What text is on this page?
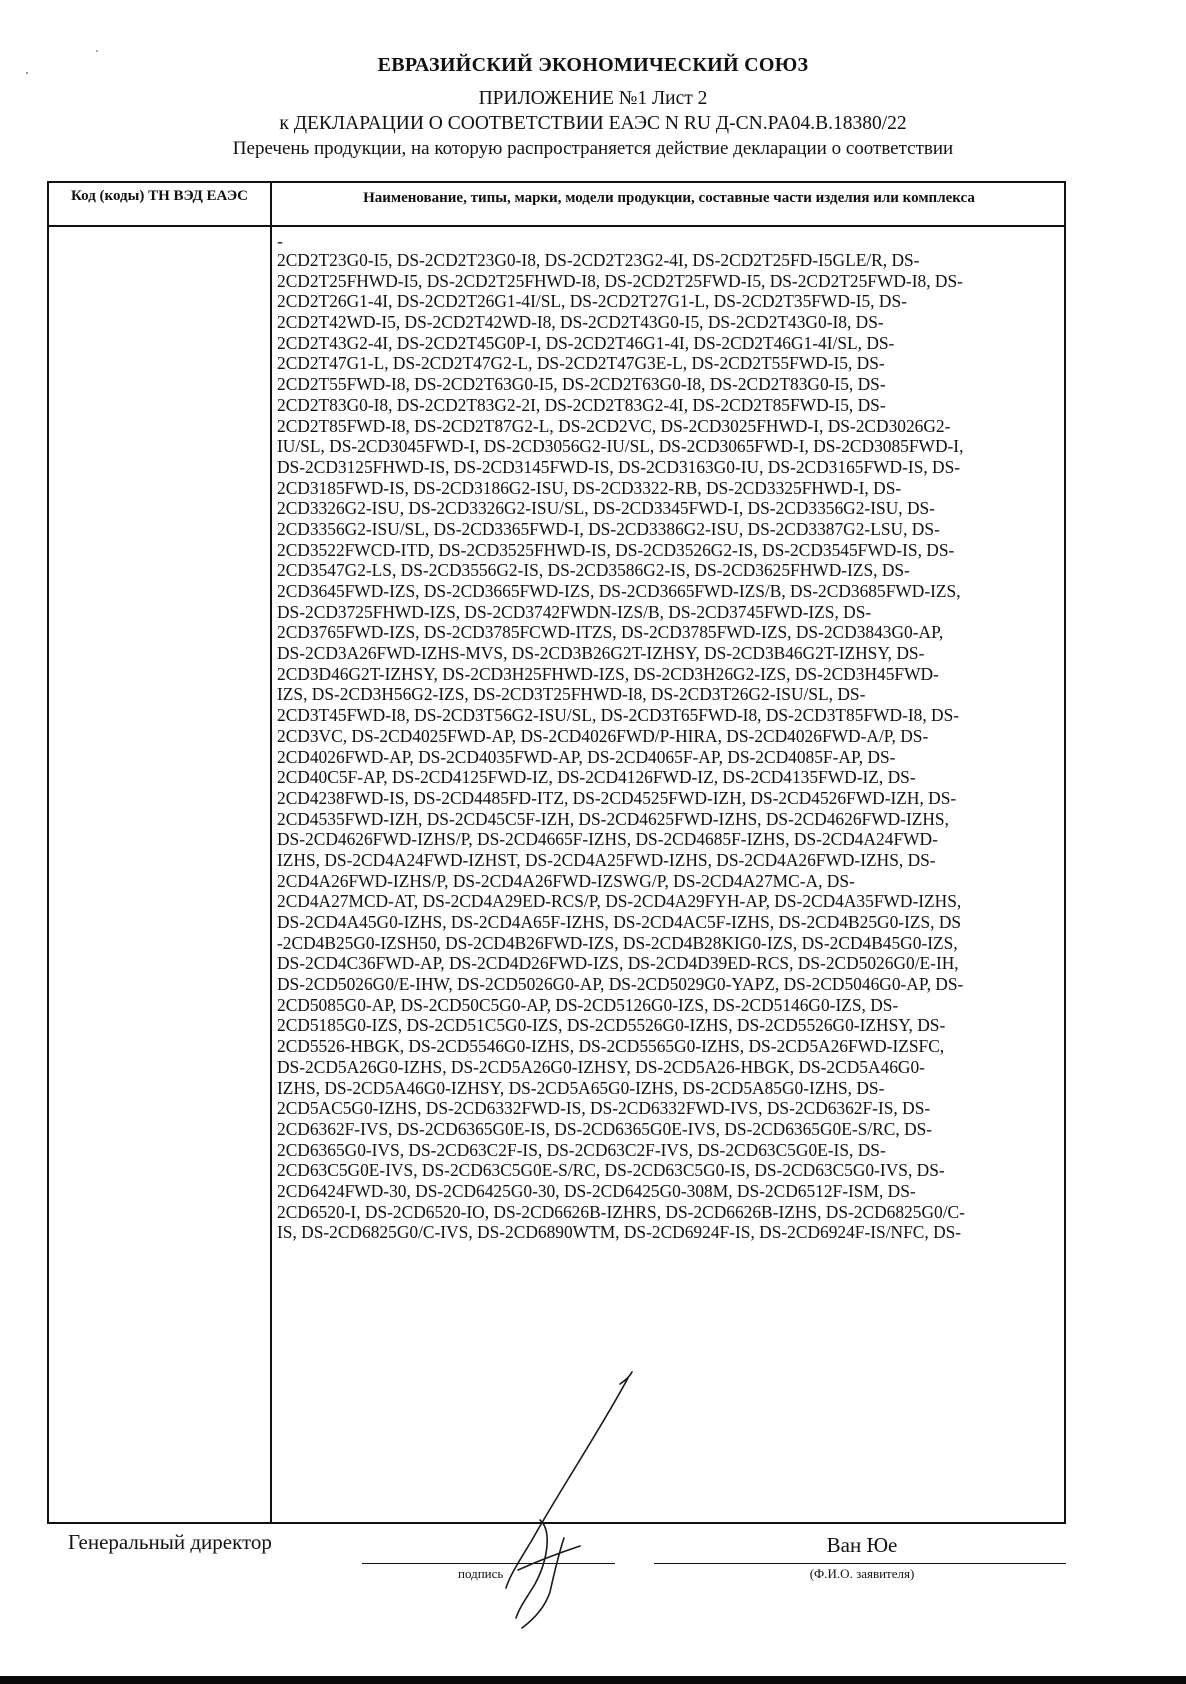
ЕВРАЗИЙСКИЙ ЭКОНОМИЧЕСКИЙ СОЮЗ
ПРИЛОЖЕНИЕ №1 Лист 2
к ДЕКЛАРАЦИИ О СООТВЕТСТВИИ ЕАЭС N RU Д-CN.PA04.B.18380/22
Перечень продукции, на которую распространяется действие декларации о соответствии
Код (коды) ТН ВЭД ЕАЭС	Наименование, типы, марки, модели продукции, составные части изделия или комплекса
-
2CD2T23G0-I5, DS-2CD2T23G0-I8, DS-2CD2T23G2-4I, DS-2CD2T25FD-I5GLE/R, DS-
2CD2T25FHWD-I5, DS-2CD2T25FHWD-I8, DS-2CD2T25FWD-I5, DS-2CD2T25FWD-I8, DS-
2CD2T26G1-4I, DS-2CD2T26G1-4I/SL, DS-2CD2T27G1-L, DS-2CD2T35FWD-I5, DS-
2CD2T42WD-I5, DS-2CD2T42WD-I8, DS-2CD2T43G0-I5, DS-2CD2T43G0-I8, DS-
2CD2T43G2-4I, DS-2CD2T45G0P-I, DS-2CD2T46G1-4I, DS-2CD2T46G1-4I/SL, DS-
2CD2T47G1-L, DS-2CD2T47G2-L, DS-2CD2T47G3E-L, DS-2CD2T55FWD-I5, DS-
2CD2T55FWD-I8, DS-2CD2T63G0-I5, DS-2CD2T63G0-I8, DS-2CD2T83G0-I5, DS-
2CD2T83G0-I8, DS-2CD2T83G2-2I, DS-2CD2T83G2-4I, DS-2CD2T85FWD-I5, DS-
2CD2T85FWD-I8, DS-2CD2T87G2-L, DS-2CD2VC, DS-2CD3025FHWD-I, DS-2CD3026G2-
IU/SL, DS-2CD3045FWD-I, DS-2CD3056G2-IU/SL, DS-2CD3065FWD-I, DS-2CD3085FWD-I,
DS-2CD3125FHWD-IS, DS-2CD3145FWD-IS, DS-2CD3163G0-IU, DS-2CD3165FWD-IS, DS-
2CD3185FWD-IS, DS-2CD3186G2-ISU, DS-2CD3322-RB, DS-2CD3325FHWD-I, DS-
2CD3326G2-ISU, DS-2CD3326G2-ISU/SL, DS-2CD3345FWD-I, DS-2CD3356G2-ISU, DS-
2CD3356G2-ISU/SL, DS-2CD3365FWD-I, DS-2CD3386G2-ISU, DS-2CD3387G2-LSU, DS-
2CD3522FWCD-ITD, DS-2CD3525FHWD-IS, DS-2CD3526G2-IS, DS-2CD3545FWD-IS, DS-
2CD3547G2-LS, DS-2CD3556G2-IS, DS-2CD3586G2-IS, DS-2CD3625FHWD-IZS, DS-
2CD3645FWD-IZS, DS-2CD3665FWD-IZS, DS-2CD3665FWD-IZS/B, DS-2CD3685FWD-IZS,
DS-2CD3725FHWD-IZS, DS-2CD3742FWDN-IZS/B, DS-2CD3745FWD-IZS, DS-
2CD3765FWD-IZS, DS-2CD3785FCWD-ITZS, DS-2CD3785FWD-IZS, DS-2CD3843G0-AP,
DS-2CD3A26FWD-IZHS-MVS, DS-2CD3B26G2T-IZHSY, DS-2CD3B46G2T-IZHSY, DS-
2CD3D46G2T-IZHSY, DS-2CD3H25FHWD-IZS, DS-2CD3H26G2-IZS, DS-2CD3H45FWD-
IZS, DS-2CD3H56G2-IZS, DS-2CD3T25FHWD-I8, DS-2CD3T26G2-ISU/SL, DS-
2CD3T45FWD-I8, DS-2CD3T56G2-ISU/SL, DS-2CD3T65FWD-I8, DS-2CD3T85FWD-I8, DS-
2CD3VC, DS-2CD4025FWD-AP, DS-2CD4026FWD/P-HIRA, DS-2CD4026FWD-A/P, DS-
2CD4026FWD-AP, DS-2CD4035FWD-AP, DS-2CD4065F-AP, DS-2CD4085F-AP, DS-
2CD40C5F-AP, DS-2CD4125FWD-IZ, DS-2CD4126FWD-IZ, DS-2CD4135FWD-IZ, DS-
2CD4238FWD-IS, DS-2CD4485FD-ITZ, DS-2CD4525FWD-IZH, DS-2CD4526FWD-IZH, DS-
2CD4535FWD-IZH, DS-2CD45C5F-IZH, DS-2CD4625FWD-IZHS, DS-2CD4626FWD-IZHS,
DS-2CD4626FWD-IZHS/P, DS-2CD4665F-IZHS, DS-2CD4685F-IZHS, DS-2CD4A24FWD-
IZHS, DS-2CD4A24FWD-IZHST, DS-2CD4A25FWD-IZHS, DS-2CD4A26FWD-IZHS, DS-
2CD4A26FWD-IZHS/P, DS-2CD4A26FWD-IZSWG/P, DS-2CD4A27MC-A, DS-
2CD4A27MCD-AT, DS-2CD4A29ED-RCS/P, DS-2CD4A29FYH-AP, DS-2CD4A35FWD-IZHS,
DS-2CD4A45G0-IZHS, DS-2CD4A65F-IZHS, DS-2CD4AC5F-IZHS, DS-2CD4B25G0-IZS, DS
-2CD4B25G0-IZSH50, DS-2CD4B26FWD-IZS, DS-2CD4B28KIG0-IZS, DS-2CD4B45G0-IZS,
DS-2CD4C36FWD-AP, DS-2CD4D26FWD-IZS, DS-2CD4D39ED-RCS, DS-2CD5026G0/E-IH,
DS-2CD5026G0/E-IHW, DS-2CD5026G0-AP, DS-2CD5029G0-YAPZ, DS-2CD5046G0-AP, DS-
2CD5085G0-AP, DS-2CD50C5G0-AP, DS-2CD5126G0-IZS, DS-2CD5146G0-IZS, DS-
2CD5185G0-IZS, DS-2CD51C5G0-IZS, DS-2CD5526G0-IZHS, DS-2CD5526G0-IZHSY, DS-
2CD5526-HBGK, DS-2CD5546G0-IZHS, DS-2CD5565G0-IZHS, DS-2CD5A26FWD-IZSFC,
DS-2CD5A26G0-IZHS, DS-2CD5A26G0-IZHSY, DS-2CD5A26-HBGK, DS-2CD5A46G0-
IZHS, DS-2CD5A46G0-IZHSY, DS-2CD5A65G0-IZHS, DS-2CD5A85G0-IZHS, DS-
2CD5AC5G0-IZHS, DS-2CD6332FWD-IS, DS-2CD6332FWD-IVS, DS-2CD6362F-IS, DS-
2CD6362F-IVS, DS-2CD6365G0E-IS, DS-2CD6365G0E-IVS, DS-2CD6365G0E-S/RC, DS-
2CD6365G0-IVS, DS-2CD63C2F-IS, DS-2CD63C2F-IVS, DS-2CD63C5G0E-IS, DS-
2CD63C5G0E-IVS, DS-2CD63C5G0E-S/RC, DS-2CD63C5G0-IS, DS-2CD63C5G0-IVS, DS-
2CD6424FWD-30, DS-2CD6425G0-30, DS-2CD6425G0-308M, DS-2CD6512F-ISM, DS-
2CD6520-I, DS-2CD6520-IO, DS-2CD6626B-IZHRS, DS-2CD6626B-IZHS, DS-2CD6825G0/C-
IS, DS-2CD6825G0/C-IVS, DS-2CD6890WTM, DS-2CD6924F-IS, DS-2CD6924F-IS/NFC, DS-
Генеральный директор
подпись
Ван Юе
(Ф.И.О. заявителя)
